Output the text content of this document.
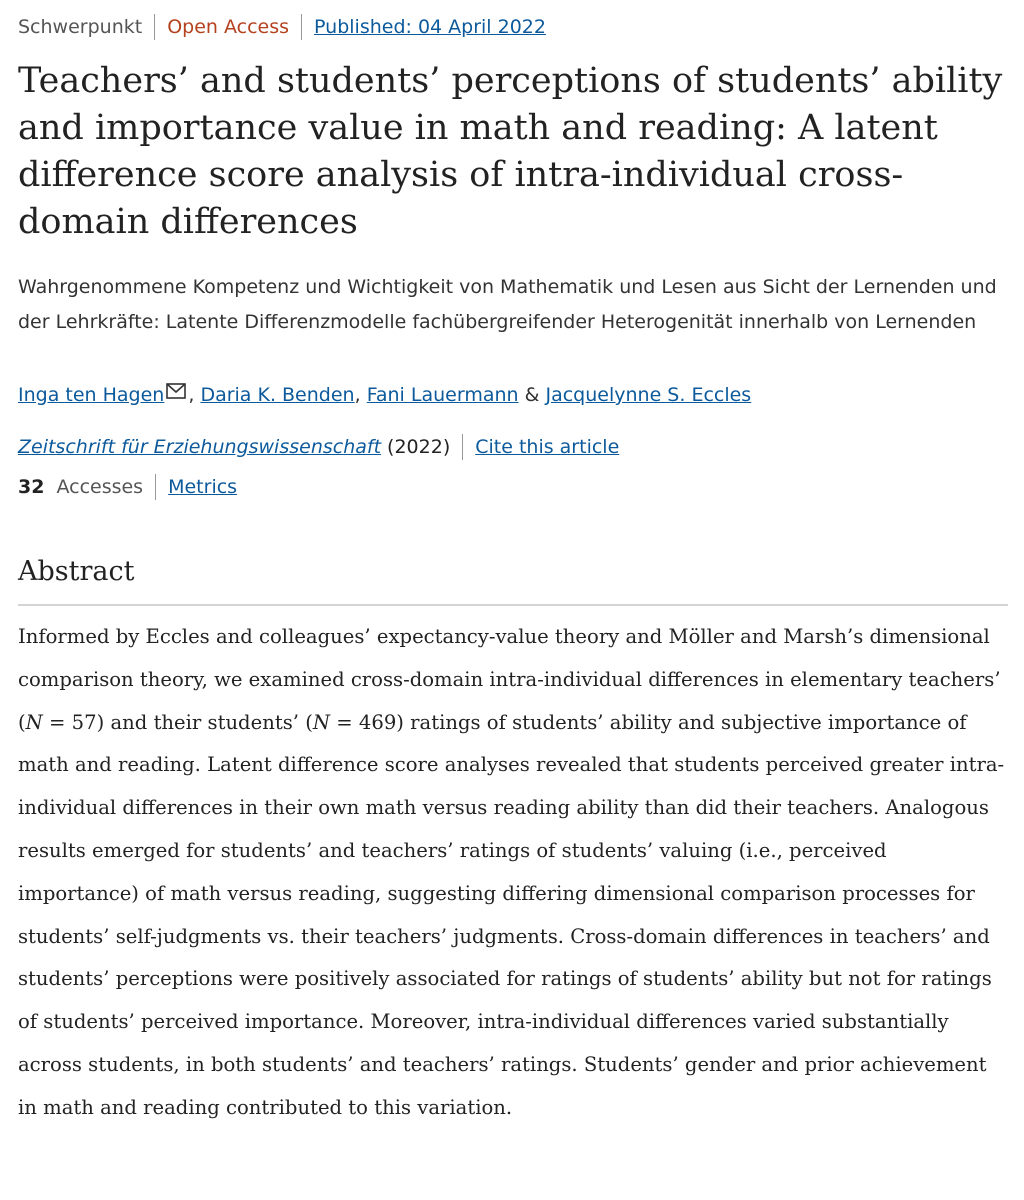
Schwerpunkt Open Access Published: 04 April 2022
Teachers’ and students’ perceptions of students’ ability and importance value in math and reading: A latent difference score analysis of intra-individual cross-domain differences
Wahrgenommene Kompetenz und Wichtigkeit von Mathematik und Lesen aus Sicht der Lernenden und der Lehrkräfte: Latente Differenzmodelle fachübergreifender Heterogenität innerhalb von Lernenden
Inga ten Hagen , Daria K. Benden, Fani Lauermann & Jacquelynne S. Eccles
Zeitschrift für Erziehungswissenschaft (2022) Cite this article
32 Accesses Metrics
Abstract

Informed by Eccles and colleagues’ expectancy-value theory and Möller and Marsh’s dimensional comparison theory, we examined cross-domain intra-individual differences in elementary teachers’ (N = 57) and their students’ (N = 469) ratings of students’ ability and subjective importance of math and reading. Latent difference score analyses revealed that students perceived greater intra-individual differences in their own math versus reading ability than did their teachers. Analogous results emerged for students’ and teachers’ ratings of students’ valuing (i.e., perceived importance) of math versus reading, suggesting differing dimensional comparison processes for students’ self-judgments vs. their teachers’ judgments. Cross-domain differences in teachers’ and students’ perceptions were positively associated for ratings of students’ ability but not for ratings of students’ perceived importance. Moreover, intra-individual differences varied substantially across students, in both students’ and teachers’ ratings. Students’ gender and prior achievement in math and reading contributed to this variation.
